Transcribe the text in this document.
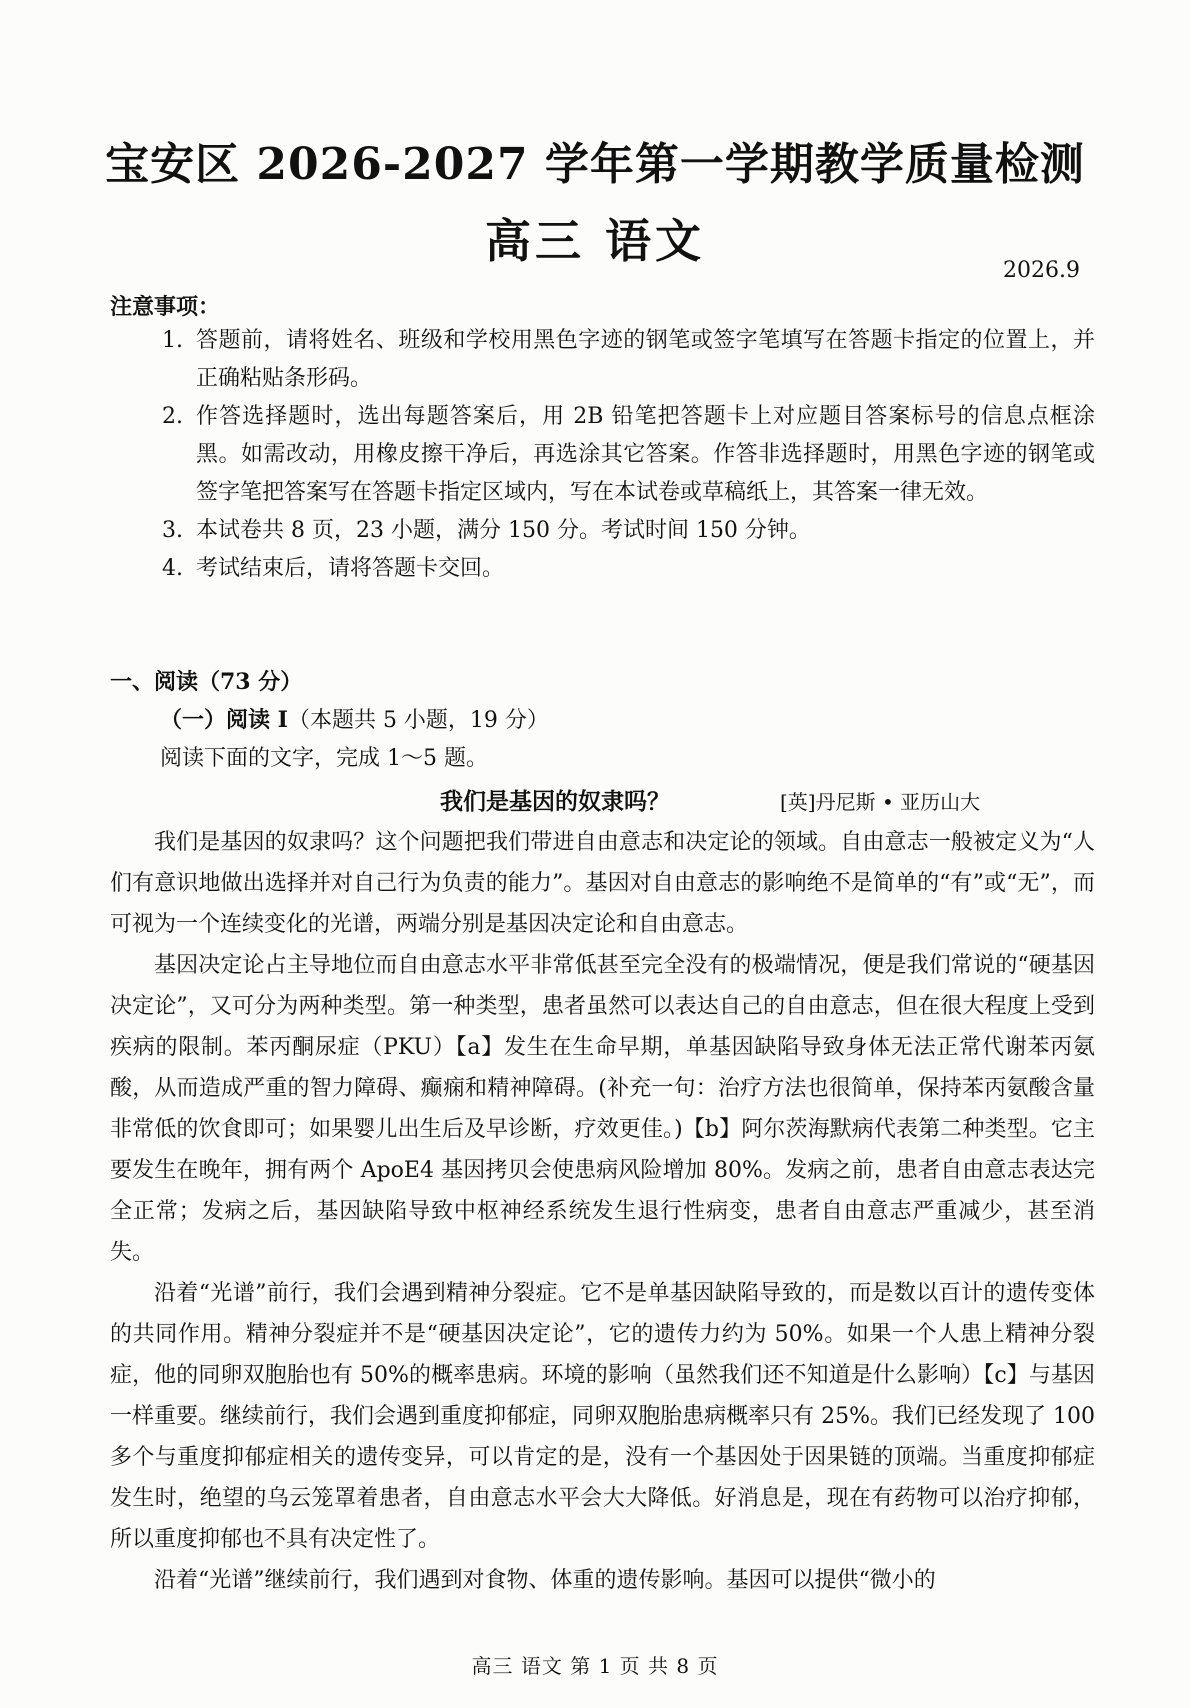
宝安区 2026-2027 学年第一学期教学质量检测
高三 语文
2026.9
注意事项：
1. 答题前，请将姓名、班级和学校用黑色字迹的钢笔或签字笔填写在答题卡指定的位置上，并正确粘贴条形码。
2. 作答选择题时，选出每题答案后，用 2B 铅笔把答题卡上对应题目答案标号的信息点框涂黑。如需改动，用橡皮擦干净后，再选涂其它答案。作答非选择题时，用黑色字迹的钢笔或签字笔把答案写在答题卡指定区域内，写在本试卷或草稿纸上，其答案一律无效。
3. 本试卷共 8 页，23 小题，满分 150 分。考试时间 150 分钟。
4. 考试结束后，请将答题卡交回。
一、阅读（73 分）
（一）阅读 I（本题共 5 小题，19 分）
阅读下面的文字，完成 1～5 题。
我们是基因的奴隶吗？	[英]丹尼斯 • 亚历山大

我们是基因的奴隶吗？这个问题把我们带进自由意志和决定论的领域。自由意志一般被定义为“人们有意识地做出选择并对自己行为负责的能力”。基因对自由意志的影响绝不是简单的“有”或“无”，而可视为一个连续变化的光谱，两端分别是基因决定论和自由意志。

基因决定论占主导地位而自由意志水平非常低甚至完全没有的极端情况，便是我们常说的“硬基因决定论”，又可分为两种类型。第一种类型，患者虽然可以表达自己的自由意志，但在很大程度上受到疾病的限制。苯丙酮尿症（PKU）【a】发生在生命早期，单基因缺陷导致身体无法正常代谢苯丙氨酸，从而造成严重的智力障碍、癫痫和精神障碍。(补充一句：治疗方法也很简单，保持苯丙氨酸含量非常低的饮食即可；如果婴儿出生后及早诊断，疗效更佳。)【b】阿尔茨海默病代表第二种类型。它主要发生在晚年，拥有两个 ApoE4 基因拷贝会使患病风险增加 80%。发病之前，患者自由意志表达完全正常；发病之后，基因缺陷导致中枢神经系统发生退行性病变，患者自由意志严重减少，甚至消失。

沿着“光谱”前行，我们会遇到精神分裂症。它不是单基因缺陷导致的，而是数以百计的遗传变体的共同作用。精神分裂症并不是“硬基因决定论”，它的遗传力约为 50%。如果一个人患上精神分裂症，他的同卵双胞胎也有 50%的概率患病。环境的影响（虽然我们还不知道是什么影响）【c】与基因一样重要。继续前行，我们会遇到重度抑郁症，同卵双胞胎患病概率只有 25%。我们已经发现了 100 多个与重度抑郁症相关的遗传变异，可以肯定的是，没有一个基因处于因果链的顶端。当重度抑郁症发生时，绝望的乌云笼罩着患者，自由意志水平会大大降低。好消息是，现在有药物可以治疗抑郁，所以重度抑郁也不具有决定性了。

沿着“光谱”继续前行，我们遇到对食物、体重的遗传影响。基因可以提供“微小的

高三 语文 第 1 页 共 8 页
